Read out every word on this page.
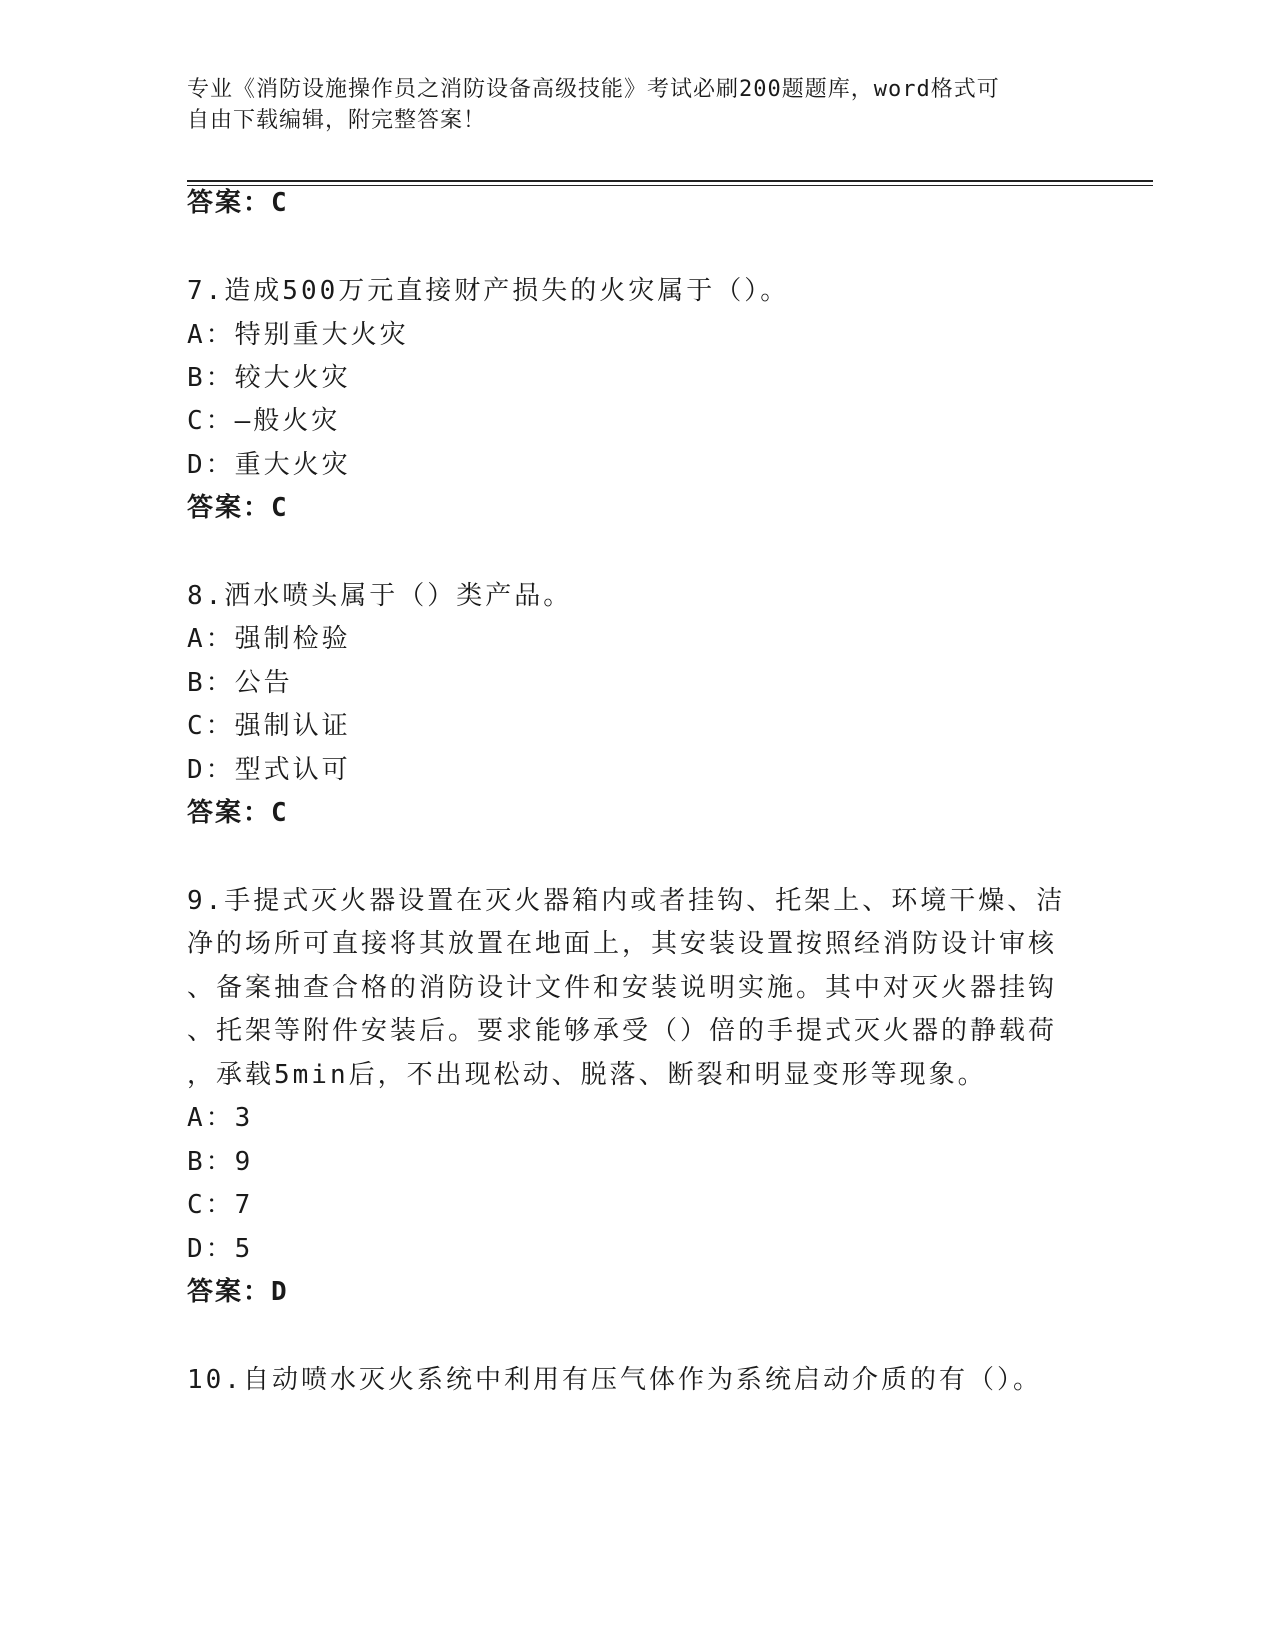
专业《消防设施操作员之消防设备高级技能》考试必刷200题题库，word格式可
自由下载编辑，附完整答案！
答案：C
7.造成500万元直接财产损失的火灾属于（）。
A：特别重大火灾
B：较大火灾
C：—般火灾
D：重大火灾
答案：C
8.洒水喷头属于（）类产品。
A：强制检验
B：公告
C：强制认证
D：型式认可
答案：C
9.手提式灭火器设置在灭火器箱内或者挂钩、托架上、环境干燥、洁
净的场所可直接将其放置在地面上，其安装设置按照经消防设计审核
、备案抽查合格的消防设计文件和安装说明实施。其中对灭火器挂钩
、托架等附件安装后。要求能够承受（）倍的手提式灭火器的静载荷
，承载5min后，不出现松动、脱落、断裂和明显变形等现象。
A：3
B：9
C：7
D：5
答案：D
10.自动喷水灭火系统中利用有压气体作为系统启动介质的有（）。
